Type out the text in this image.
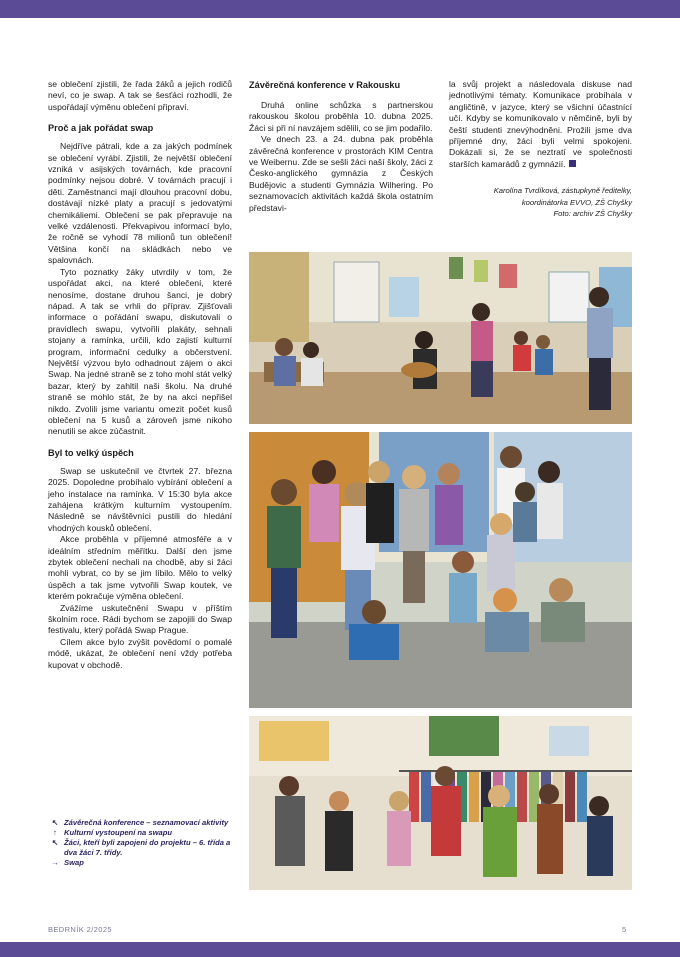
se oblečení zjistili, že řada žáků a jejich rodičů neví, co je swap. A tak se šesťáci rozhodli, že uspořádají výměnu oblečení připraví.

Proč a jak pořádat swap

Nejdříve pátrali, kde a za jakých podmínek se oblečení vyrábí. Zjistili, že největší oblečení vzniká v asijských továrnách, kde pracovní podmínky nejsou dobré. V továrnách pracují i děti. Zaměstnanci mají dlouhou pracovní dobu, dostávají nízké platy a pracují s jedovatými chemikáliemi. Oblečení se pak přepravuje na velké vzdálenosti. Překvapivou informací bylo, že ročně se vyhodí 78 milionů tun oblečení! Většina končí na skládkách nebo ve spalovnách.

Tyto poznatky žáky utvrdily v tom, že uspořádat akci, na které oblečení, které nenosíme, dostane druhou šanci, je dobrý nápad. A tak se vrhli do příprav. Zjišťovali informace o pořádání swapu, diskutovali o pravidlech swapu, vytvořili plakáty, sehnali stojany a ramínka, určili, kdo zajistí kulturní program, informační cedulky a občerstvení. Největší výzvou bylo odhadnout zájem o akci Swap. Na jedné straně se z toho mohl stát velký bazar, který by zahltil naši školu. Na druhé straně se mohlo stát, že by na akci nepřišel nikdo. Zvolili jsme variantu omezit počet kusů oblečení na 5 kusů a zároveň jsme nikoho nenutili se akce zúčastnit.

Byl to velký úspěch

Swap se uskutečnil ve čtvrtek 27. března 2025. Dopoledne probíhalo vybírání oblečení a jeho instalace na ramínka. V 15:30 byla akce zahájena krátkým kulturním vystoupením. Následně se návštěvníci pustili do hledání vhodných kousků oblečení.

Akce proběhla v příjemné atmosféře a v ideálním středním měřítku. Další den jsme zbytek oblečení nechali na chodbě, aby si žáci mohli vybrat, co by se jim líbilo. Mělo to velký úspěch a tak jsme vytvořili Swap koutek, ve kterém pokračuje výměna oblečení.

Zvážíme uskutečnění Swapu v příštím školním roce. Rádi bychom se zapojili do Swap festivalu, který pořádá Swap Prague.

Cílem akce bylo zvýšit povědomí o pomalé módě, ukázat, že oblečení není vždy potřeba kupovat v obchodě.

Závěrečná konference v Rakousku

Druhá online schůzka s partnerskou rakouskou školou proběhla 10. dubna 2025. Žáci si při ní navzájem sdělili, co se jim podařilo.

Ve dnech 23. a 24. dubna pak proběhla závěrečná konference v prostorách KIM Centra ve Weibernu. Zde se sešli žáci naší školy, žáci z Česko-anglického gymnázia z Českých Budějovic a studenti Gymnázia Wilhering. Po seznamovacích aktivitách každá škola ostatním představi-

la svůj projekt a následovala diskuse nad jednotlivými tématy. Komunikace probíhala v angličtině, v jazyce, který se všichni účastnící učí. Kdyby se komunikovalo v němčině, byli by čeští studenti znevýhodněni. Prožili jsme dva příjemné dny, žáci byli velmi spokojeni. Dokázali si, že se neztratí ve společnosti starších kamarádů z gymnázií.

Karolína Tvrdíková, zástupkyně ředitelky,
koordinátorka EVVO, ZŠ Chyšky
Foto: archiv ZŠ Chyšky
↖ Závěrečná konference – seznamovací aktivity
↑ Kulturní vystoupení na swapu
↖ Žáci, kteří byli zapojeni do projektu – 6. třída a dva žáci 7. třídy.
→ Swap
BEDRNÍK 2/2025	5
